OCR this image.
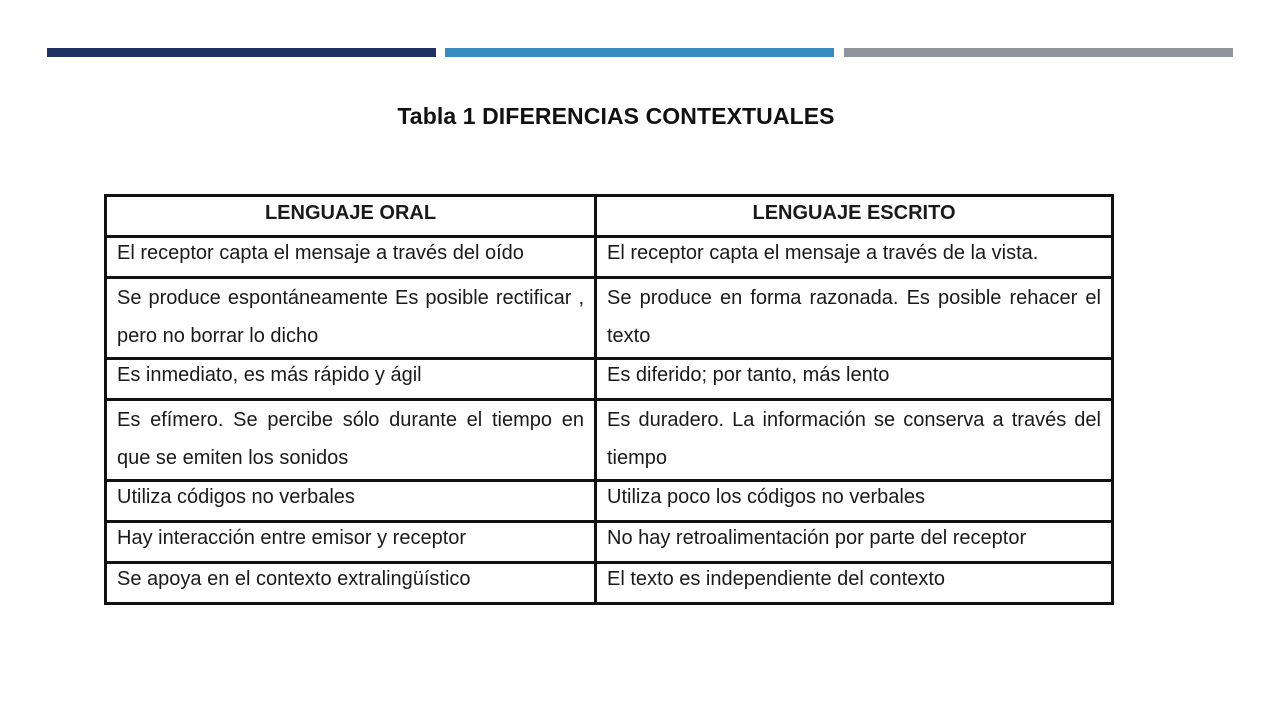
Tabla 1 DIFERENCIAS CONTEXTUALES
LENGUAJE ORAL	LENGUAJE ESCRITO
El receptor capta el mensaje a través del oído	El receptor capta el mensaje a través de la vista.
Se produce espontáneamente Es posible rectificar , pero no borrar lo dicho	Se produce en forma razonada. Es posible rehacer el texto
Es inmediato, es más rápido y ágil	Es diferido; por tanto, más lento
Es efímero. Se percibe sólo durante el tiempo en que se emiten los sonidos	Es duradero. La información se conserva a través del tiempo
Utiliza códigos no verbales	Utiliza poco los códigos no verbales
Hay interacción entre emisor y receptor	No hay retroalimentación por parte del receptor
Se apoya en el contexto extralingüístico	El texto es independiente del contexto
